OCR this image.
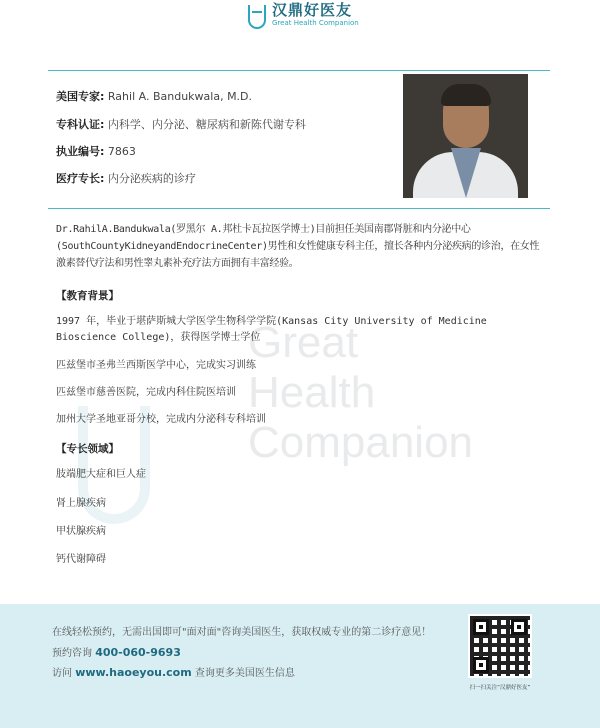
汉鼎好医友
Great Health Companion
美国专家: Rahil A. Bandukwala, M.D.
专科认证: 内科学、内分泌、糖尿病和新陈代谢专科
执业编号: 7863
医疗专长: 内分泌疾病的诊疗
Great
Health
Companion
Dr.RahilA.Bandukwala(罗黑尔 A.邦杜卡瓦拉医学博士)目前担任美国南郡肾脏和内分泌中心(SouthCountyKidneyandEndocrineCenter)男性和女性健康专科主任，擅长各种内分泌疾病的诊治，在女性激素替代疗法和男性睾丸素补充疗法方面拥有丰富经验。
【教育背景】
1997 年，毕业于堪萨斯城大学医学生物科学学院(Kansas City University of Medicine Bioscience College)，获得医学博士学位
匹兹堡市圣弗兰西斯医学中心，完成实习训练
匹兹堡市慈善医院，完成内科住院医培训
加州大学圣地亚哥分校，完成内分泌科专科培训
【专长领域】
肢端肥大症和巨人症
肾上腺疾病
甲状腺疾病
钙代谢障碍
在线轻松预约，无需出国即可"面对面"咨询美国医生，获取权威专业的第二诊疗意见！
预约咨询 400-060-9693
访问 www.haoeyou.com 查询更多美国医生信息
扫一扫关注“汉鼎好医友”
